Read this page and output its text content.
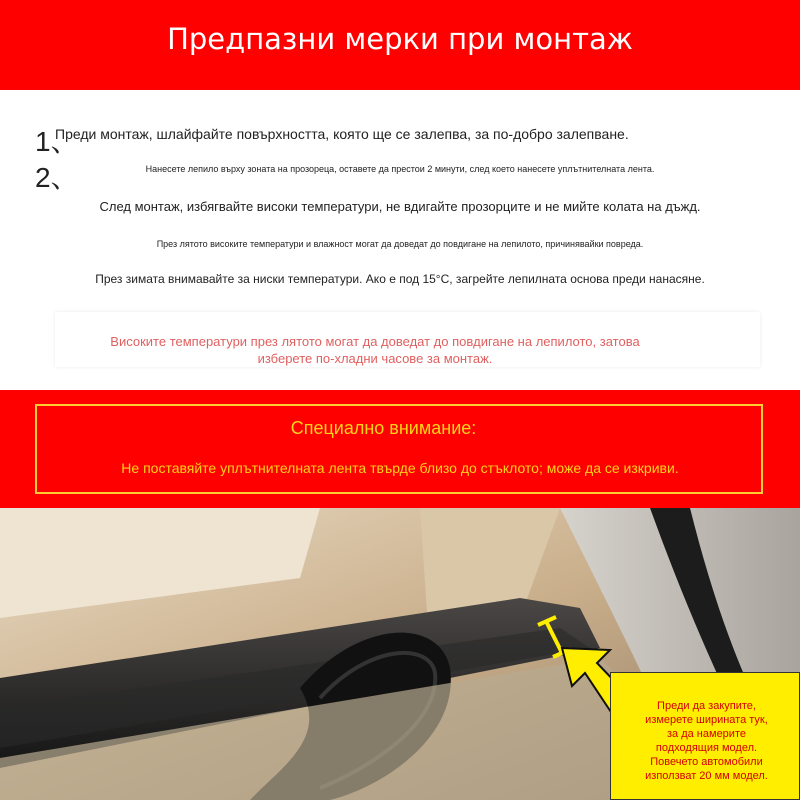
Предпазни мерки при монтаж
1、
2、
Преди монтаж, шлайфайте повърхността, която ще се залепва, за по-добро залепване.
Нанесете лепило върху зоната на прозореца, оставете да престои 2 минути, след което нанесете уплътнителната лента.
След монтаж, избягвайте високи температури, не вдигайте прозорците и не мийте колата на дъжд.
През лятото високите температури и влажност могат да доведат до повдигане на лепилото, причинявайки повреда.
През зимата внимавайте за ниски температури. Ако е под 15°C, загрейте лепилната основа преди нанасяне.
Високите температури през лятото могат да доведат до повдигане на лепилото, затова
изберете по-хладни часове за монтаж.
Специално внимание:
Не поставяйте уплътнителната лента твърде близо до стъклото; може да се изкриви.
Преди да закупите,
измерете ширината тук,
за да намерите
подходящия модел.
Повечето автомобили
използват 20 мм модел.
